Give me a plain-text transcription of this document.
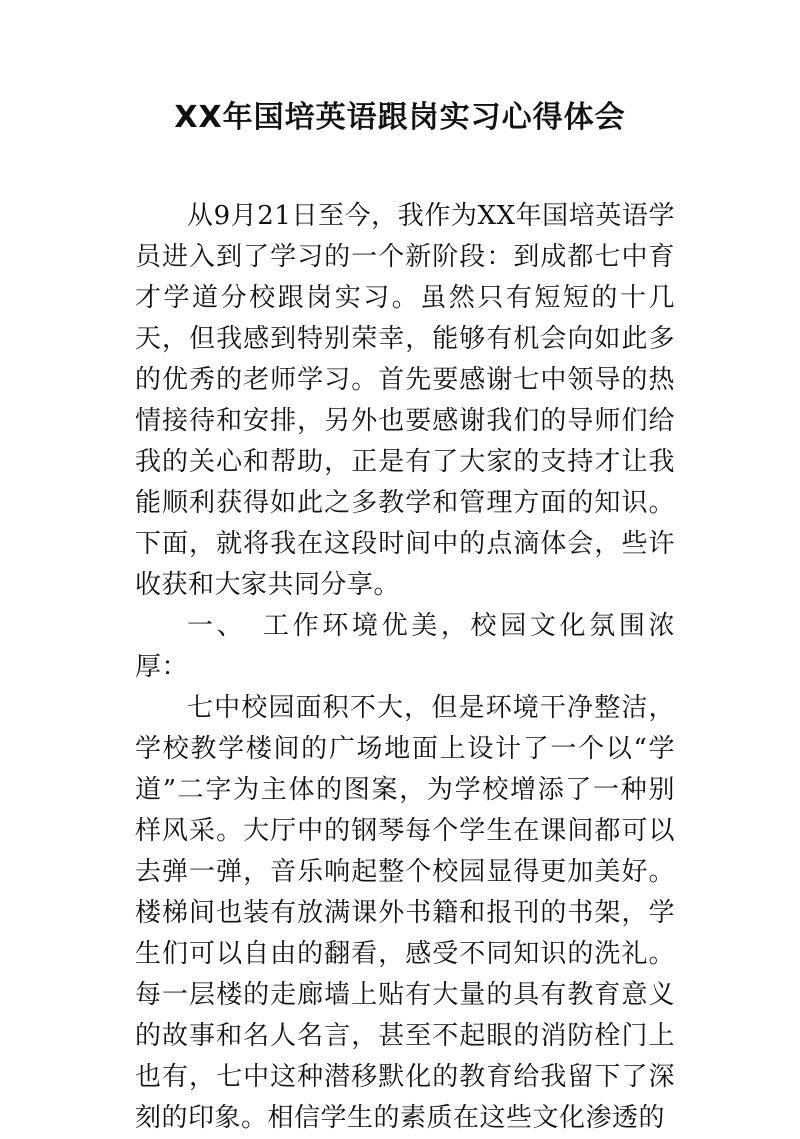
XX年国培英语跟岗实习心得体会

从9月21日至今，我作为XX年国培英语学员进入到了学习的一个新阶段：到成都七中育才学道分校跟岗实习。虽然只有短短的十几天，但我感到特别荣幸，能够有机会向如此多的优秀的老师学习。首先要感谢七中领导的热情接待和安排，另外也要感谢我们的导师们给我的关心和帮助，正是有了大家的支持才让我能顺利获得如此之多教学和管理方面的知识。下面，就将我在这段时间中的点滴体会，些许收获和大家共同分享。

一、　工作环境优美，校园文化氛围浓厚：

七中校园面积不大，但是环境干净整洁，学校教学楼间的广场地面上设计了一个以“学道”二字为主体的图案，为学校增添了一种别样风采。大厅中的钢琴每个学生在课间都可以去弹一弹，音乐响起整个校园显得更加美好。楼梯间也装有放满课外书籍和报刊的书架，学生们可以自由的翻看，感受不同知识的洗礼。每一层楼的走廊墙上贴有大量的具有教育意义的故事和名人名言，甚至不起眼的消防栓门上也有，七中这种潜移默化的教育给我留下了深刻的印象。相信学生的素质在这些文化渗透的
